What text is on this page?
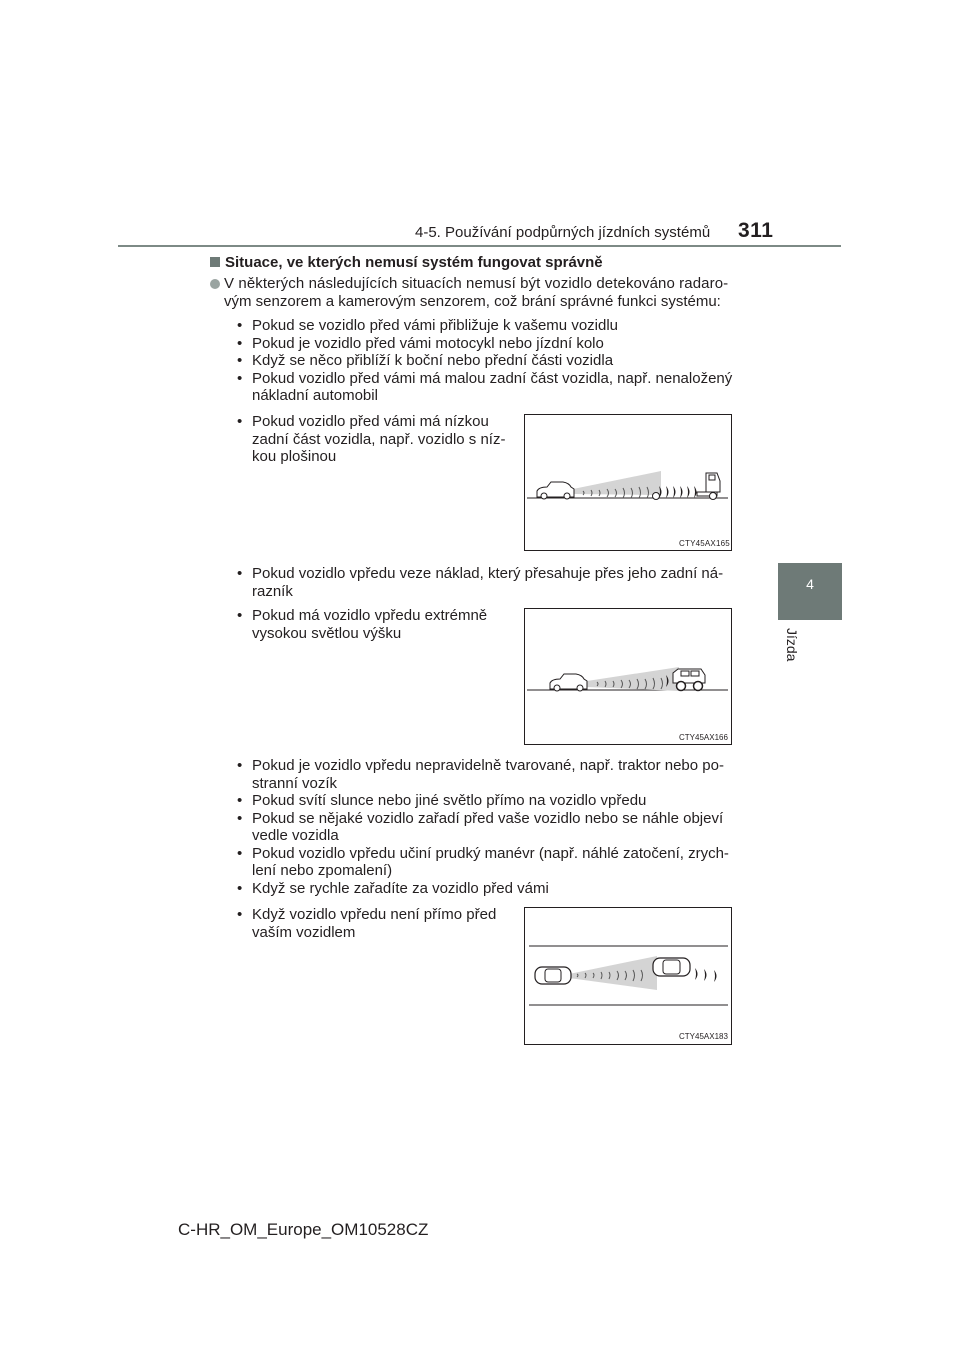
4-5. Používání podpůrných jízdních systémů 311
4
Jízda
Situace, ve kterých nemusí systém fungovat správně
V některých následujících situacích nemusí být vozidlo detekováno radaro-
vým senzorem a kamerovým senzorem, což brání správné funkci systému:
• Pokud se vozidlo před vámi přibližuje k vašemu vozidlu
• Pokud je vozidlo před vámi motocykl nebo jízdní kolo
• Když se něco přiblíží k boční nebo přední části vozidla
• Pokud vozidlo před vámi má malou zadní část vozidla, např. nenaložený
nákladní automobil
• Pokud vozidlo před vámi má nízkou
zadní část vozidla, např. vozidlo s níz-
kou plošinou
CTY45AX165
• Pokud vozidlo vpředu veze náklad, který přesahuje přes jeho zadní ná-
razník
• Pokud má vozidlo vpředu extrémně
vysokou světlou výšku
CTY45AX166
• Pokud je vozidlo vpředu nepravidelně tvarované, např. traktor nebo po-
stranní vozík
• Pokud svítí slunce nebo jiné světlo přímo na vozidlo vpředu
• Pokud se nějaké vozidlo zařadí před vaše vozidlo nebo se náhle objeví
vedle vozidla
• Pokud vozidlo vpředu učiní prudký manévr (např. náhlé zatočení, zrych-
lení nebo zpomalení)
• Když se rychle zařadíte za vozidlo před vámi
• Když vozidlo vpředu není přímo před
vaším vozidlem
CTY45AX183
C-HR_OM_Europe_OM10528CZ
